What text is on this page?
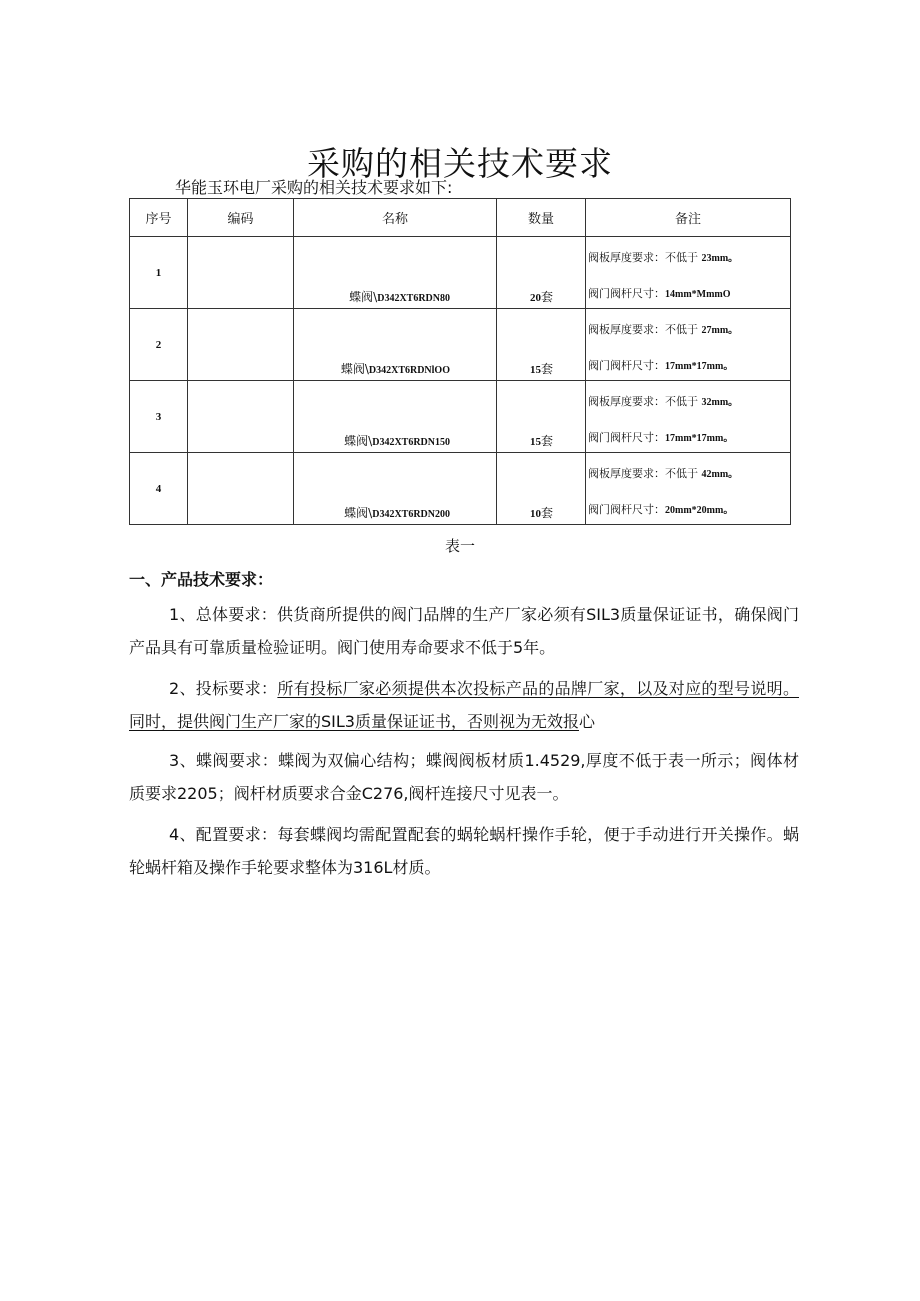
采购的相关技术要求
华能玉环电厂采购的相关技术要求如下:
序号	编码	名称	数量	备注
1		蝶阀\D342XT6RDN80	20套	阀板厚度要求：不低于 23mm。
阀门阀杆尺寸：14mm*MmmO

2		蝶阀\D342XT6RDNlOO	15套	阀板厚度要求：不低于 27mm。
阀门阀杆尺寸：17mm*17mm。

3		蝶阀\D342XT6RDN150	15套	阀板厚度要求：不低于 32mm。
阀门阀杆尺寸：17mm*17mm。

4		蝶阀\D342XT6RDN200	10套	阀板厚度要求：不低于 42mm。
阀门阀杆尺寸：20mm*20mm。
表一
一、产品技术要求：

1、总体要求：供货商所提供的阀门品牌的生产厂家必须有SIL3质量保证证书，确保阀门产品具有可靠质量检验证明。阀门使用寿命要求不低于5年。

2、投标要求：所有投标厂家必须提供本次投标产品的品牌厂家，以及对应的型号说明。同时，提供阀门生产厂家的SIL3质量保证证书，否则视为无效报心

3、蝶阀要求：蝶阀为双偏心结构；蝶阀阀板材质1.4529,厚度不低于表一所示；阀体材质要求2205；阀杆材质要求合金C276,阀杆连接尺寸见表一。

4、配置要求：每套蝶阀均需配置配套的蜗轮蜗杆操作手轮，便于手动进行开关操作。蜗轮蜗杆箱及操作手轮要求整体为316L材质。
